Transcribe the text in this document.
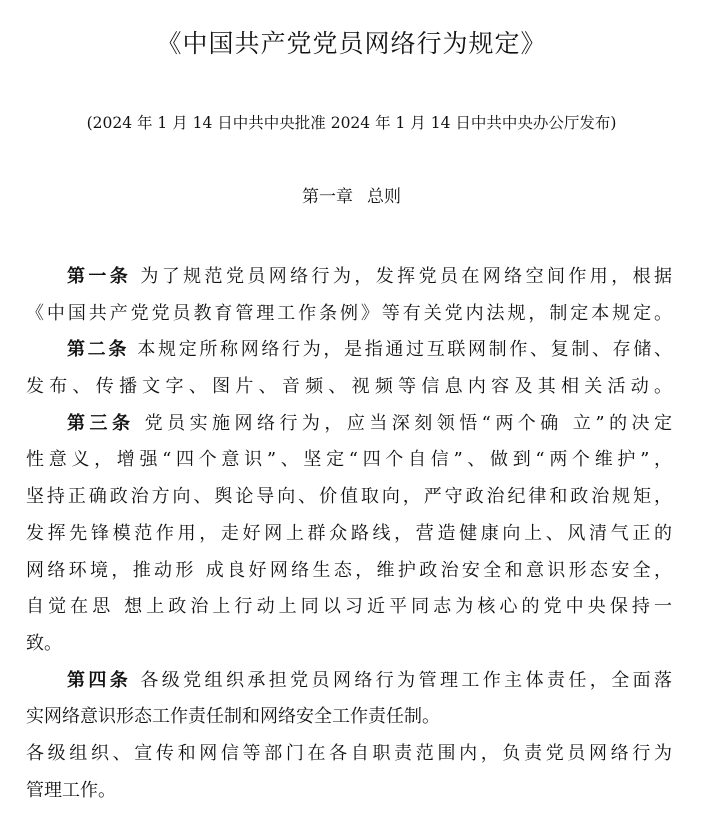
《中国共产党党员网络行为规定》
(2024 年 1 月 14 日中共中央批准 2024 年 1 月 14 日中共中央办公厅发布)
第一章 总则
第一条 为了规范党员网络行为，发挥党员在网络空间作用，根据
《中国共产党党员教育管理工作条例》等有关党内法规，制定本规定。
第二条 本规定所称网络行为，是指通过互联网制作、复制、存储、
发布、传播文字、图片、音频、视频等信息内容及其相关活动。
第三条 党员实施网络行为，应当深刻领悟“两个确 立”的决定
性意义，增强“四个意识”、坚定“四个自信”、做到“两个维护”，
坚持正确政治方向、舆论导向、价值取向，严守政治纪律和政治规矩，
发挥先锋模范作用，走好网上群众路线，营造健康向上、风清气正的
网络环境，推动形 成良好网络生态，维护政治安全和意识形态安全，
自觉在思 想上政治上行动上同以习近平同志为核心的党中央保持一
致。
第四条 各级党组织承担党员网络行为管理工作主体责任，全面落
实网络意识形态工作责任制和网络安全工作责任制。
各级组织、宣传和网信等部门在各自职责范围内，负责党员网络行为
管理工作。
